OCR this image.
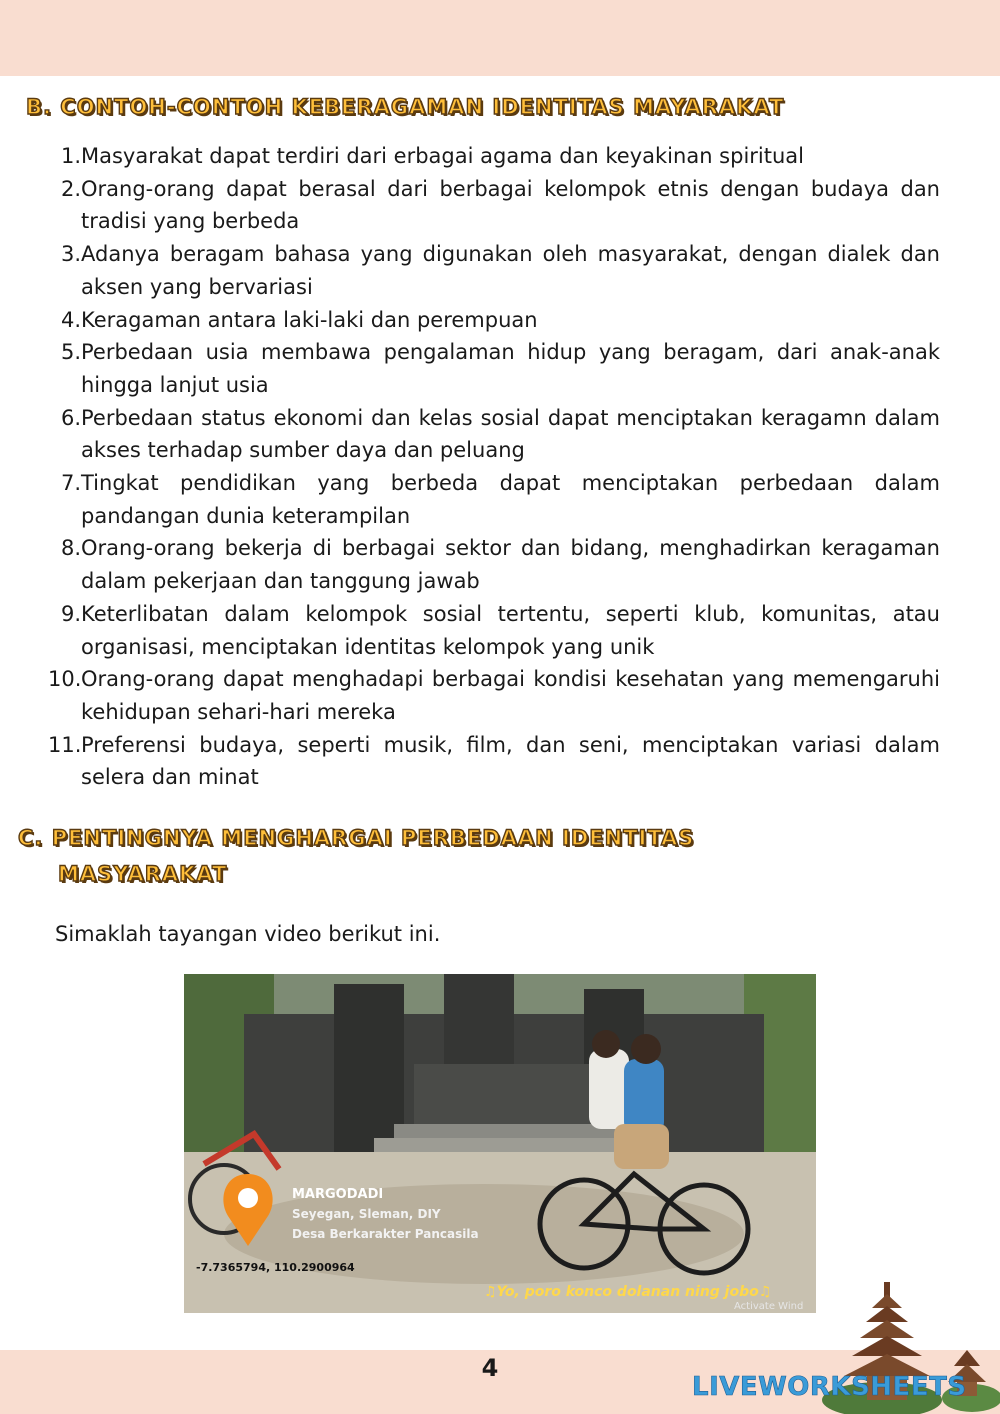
B. CONTOH-CONTOH KEBERAGAMAN IDENTITAS MAYARAKAT
1. Masyarakat dapat terdiri dari erbagai agama dan keyakinan spiritual
2. Orang-orang dapat berasal dari berbagai kelompok etnis dengan budaya dan tradisi yang berbeda
3. Adanya beragam bahasa yang digunakan oleh masyarakat, dengan dialek dan aksen yang bervariasi
4. Keragaman antara laki-laki dan perempuan
5. Perbedaan usia membawa pengalaman hidup yang beragam, dari anak-anak hingga lanjut usia
6. Perbedaan status ekonomi dan kelas sosial dapat menciptakan keragamn dalam akses terhadap sumber daya dan peluang
7. Tingkat pendidikan yang berbeda dapat menciptakan perbedaan dalam pandangan dunia keterampilan
8. Orang-orang bekerja di berbagai sektor dan bidang, menghadirkan keragaman dalam pekerjaan dan tanggung jawab
9. Keterlibatan dalam kelompok sosial tertentu, seperti klub, komunitas, atau organisasi, menciptakan identitas kelompok yang unik
10. Orang-orang dapat menghadapi berbagai kondisi kesehatan yang memengaruhi kehidupan sehari-hari mereka
11. Preferensi budaya, seperti musik, film, dan seni, menciptakan variasi dalam selera dan minat
C. PENTINGNYA MENGHARGAI PERBEDAAN IDENTITAS
MASYARAKAT

Simaklah tayangan video berikut ini.

MARGODADI
Seyegan, Sleman, DIY
Desa Berkarakter Pancasila
-7.7365794, 110.2900964
♫Yo, poro konco dolanan ning jobo♫
Activate Wind
4
LIVEWORKSHEETS
